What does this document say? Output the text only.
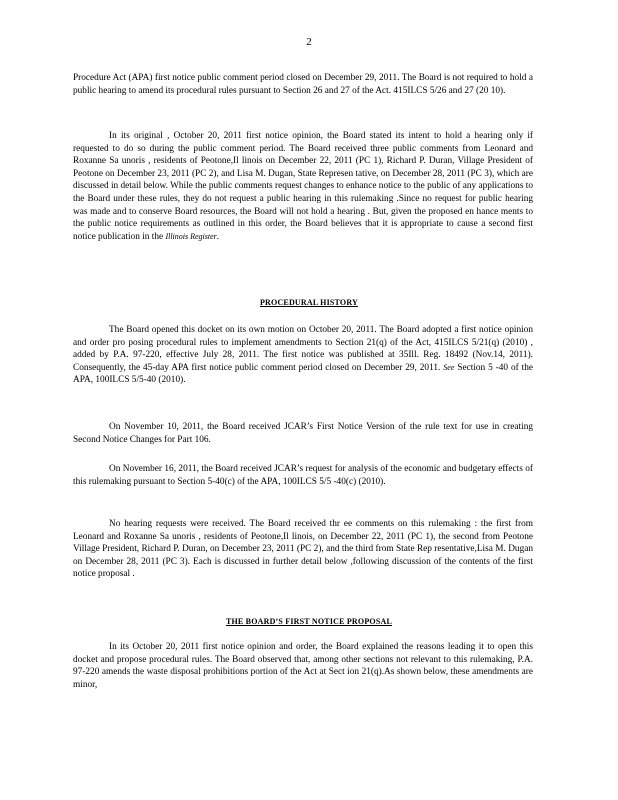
2

Procedure Act (APA) first notice public comment period closed on December 29, 2011. The Board is not required to hold a public hearing to amend its procedural rules pursuant to Section 26 and 27 of the Act. 415ILCS 5/26 and 27 (20 10).

In its original , October 20, 2011 first notice opinion, the Board stated its intent to hold a hearing only if requested to do so during the public comment period. The Board received three public comments from Leonard and Roxanne Sa unoris , residents of Peotone,Il linois on December 22, 2011 (PC 1), Richard P. Duran, Village President of Peotone on December 23, 2011 (PC 2), and Lisa M. Dugan, State Represen tative, on December 28, 2011 (PC 3), which are discussed in detail below. While the public comments request changes to enhance notice to the public of any applications to the Board under these rules, they do not request a public hearing in this rulemaking .Since no request for public hearing was made and to conserve Board resources, the Board will not hold a hearing . But, given the proposed en hance ments to the public notice requirements as outlined in this order, the Board believes that it is appropriate to cause a second first notice publication in the Illinois Register.

PROCEDURAL HISTORY

The Board opened this docket on its own motion on October 20, 2011. The Board adopted a first notice opinion and order pro posing procedural rules to implement amendments to Section 21(q) of the Act, 415ILCS 5/21(q) (2010) , added by P.A. 97-220, effective July 28, 2011. The first notice was published at 35Ill. Reg. 18492 (Nov.14, 2011). Consequently, the 45-day APA first notice public comment period closed on December 29, 2011. See Section 5 -40 of the APA, 100ILCS 5/5-40 (2010).

On November 10, 2011, the Board received JCAR’s First Notice Version of the rule text for use in creating Second Notice Changes for Part 106.

On November 16, 2011, the Board received JCAR’s request for analysis of the economic and budgetary effects of this rulemaking pursuant to Section 5-40(c) of the APA, 100ILCS 5/5 -40(c) (2010).

No hearing requests were received. The Board received thr ee comments on this rulemaking : the first from Leonard and Roxanne Sa unoris , residents of Peotone,Il linois, on December 22, 2011 (PC 1), the second from Peotone Village President, Richard P. Duran, on December 23, 2011 (PC 2), and the third from State Rep resentative,Lisa M. Dugan on December 28, 2011 (PC 3). Each is discussed in further detail below ,following discussion of the contents of the first notice proposal .

THE BOARD’S FIRST NOTICE PROPOSAL

In its October 20, 2011 first notice opinion and order, the Board explained the reasons leading it to open this docket and propose procedural rules. The Board observed that, among other sections not relevant to this rulemaking, P.A. 97-220 amends the waste disposal prohibitions portion of the Act at Sect ion 21(q).As shown below, these amendments are minor,
